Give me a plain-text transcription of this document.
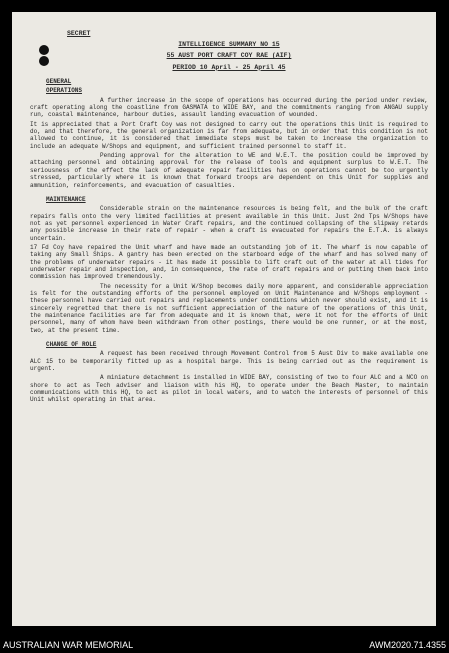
SECRET
INTELLIGENCE SUMMARY NO 15
55 AUST PORT CRAFT COY RAE (AIF)
PERIOD 10 April - 25 April 45
GENERAL
OPERATIONS

A further increase in the scope of operations has occurred during the period under review, craft operating along the coastline from GASMATA to WIDE BAY, and the commitments ranging from ANGAU supply run, coastal maintenance, harbour duties, assault landing evacuation of wounded.

It is appreciated that a Port Craft Coy was not designed to carry out the operations this Unit is required to do, and that therefore, the general organization is far from adequate, but in order that this condition is not allowed to continue, it is considered that immediate steps must be taken to increase the organization to include an adequate W/Shops and equipment, and sufficient trained personnel to staff it.

Pending approval for the alteration to WE and W.E.T. the position could be improved by attaching personnel and obtaining approval for the release of tools and equipment surplus to W.E.T. The seriousness of the effect the lack of adequate repair facilities has on operations cannot be too urgently stressed, particularly where it is known that forward troops are dependent on this Unit for supplies and ammunition, reinforcements, and evacuation of casualties.

MAINTENANCE

Considerable strain on the maintenance resources is being felt, and the bulk of the craft repairs falls onto the very limited facilities at present available in this Unit. Just 2nd Tps W/Shops have not as yet personnel experienced in Water Craft repairs, and the continued collapsing of the slipway retards any possible increase in their rate of repair - when a craft is evacuated for repairs the E.T.A. is always uncertain.

17 Fd Coy have repaired the Unit wharf and have made an outstanding job of it. The wharf is now capable of taking any Small Ships. A gantry has been erected on the starboard edge of the wharf and has solved many of the problems of underwater repairs - it has made it possible to lift craft out of the water at all tides for underwater repair and inspection, and, in consequence, the rate of craft repairs and or putting them back into commission has improved tremendously.

The necessity for a Unit W/Shop becomes daily more apparent, and considerable appreciation is felt for the outstanding efforts of the personnel employed on Unit Maintenance and W/Shops employment - these personnel have carried out repairs and replacements under conditions which never should exist, and it is sincerely regretted that there is not sufficient appreciation of the nature of the operations of this Unit, the maintenance facilities are far from adequate and it is known that, were it not for the efforts of Unit personnel, many of whom have been withdrawn from other postings, there would be one runner, or at the most, two, at the present time.

CHANGE OF ROLE

A request has been received through Movement Control from 5 Aust Div to make available one ALC 15 to be temporarily fitted up as a hospital barge. This is being carried out as the requirement is urgent.

A miniature detachment is installed in WIDE BAY, consisting of two to four ALC and a NCO on shore to act as Tech adviser and liaison with his HQ, to operate under the Beach Master, to maintain communications with this HQ, to act as pilot in local waters, and to watch the interests of personnel of this Unit whilst operating in that area.

AUSTRALIAN WAR MEMORIAL	AWM2020.71.4355
